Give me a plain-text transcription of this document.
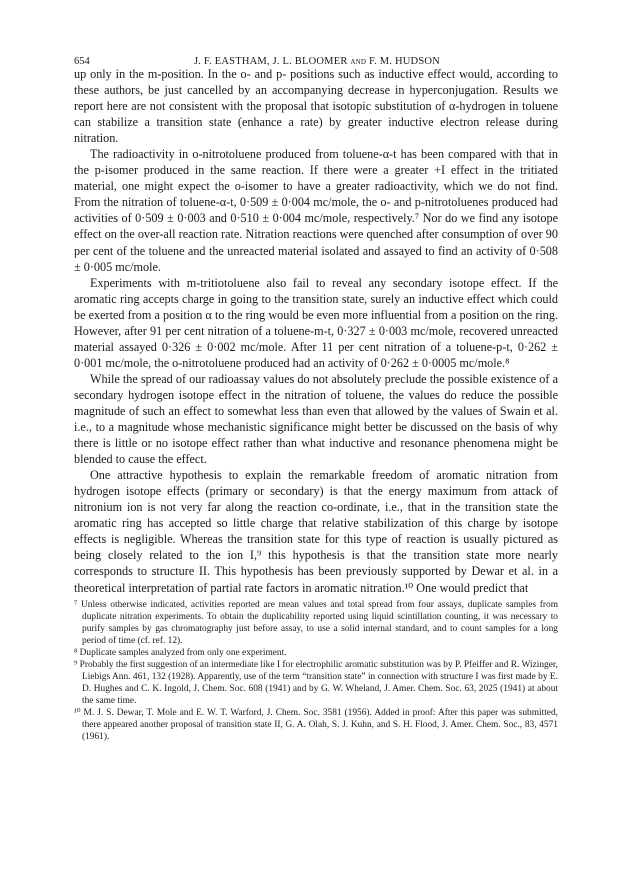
654	J. F. EASTHAM, J. L. BLOOMER and F. M. HUDSON

up only in the m-position. In the o- and p- positions such as inductive effect would, according to these authors, be just cancelled by an accompanying decrease in hyperconjugation. Results we report here are not consistent with the proposal that isotopic substitution of α-hydrogen in toluene can stabilize a transition state (enhance a rate) by greater inductive electron release during nitration.

The radioactivity in o-nitrotoluene produced from toluene-α-t has been compared with that in the p-isomer produced in the same reaction. If there were a greater +I effect in the tritiated material, one might expect the o-isomer to have a greater radioactivity, which we do not find. From the nitration of toluene-α-t, 0·509 ± 0·004 mc/mole, the o- and p-nitrotoluenes produced had activities of 0·509 ± 0·003 and 0·510 ± 0·004 mc/mole, respectively.⁷ Nor do we find any isotope effect on the over-all reaction rate. Nitration reactions were quenched after consumption of over 90 per cent of the toluene and the unreacted material isolated and assayed to find an activity of 0·508 ± 0·005 mc/mole.

Experiments with m-tritiotoluene also fail to reveal any secondary isotope effect. If the aromatic ring accepts charge in going to the transition state, surely an inductive effect which could be exerted from a position α to the ring would be even more influential from a position on the ring. However, after 91 per cent nitration of a toluene-m-t, 0·327 ± 0·003 mc/mole, recovered unreacted material assayed 0·326 ± 0·002 mc/mole. After 11 per cent nitration of a toluene-p-t, 0·262 ± 0·001 mc/mole, the o-nitrotoluene produced had an activity of 0·262 ± 0·0005 mc/mole.⁸

While the spread of our radioassay values do not absolutely preclude the possible existence of a secondary hydrogen isotope effect in the nitration of toluene, the values do reduce the possible magnitude of such an effect to somewhat less than even that allowed by the values of Swain et al. i.e., to a magnitude whose mechanistic significance might better be discussed on the basis of why there is little or no isotope effect rather than what inductive and resonance phenomena might be blended to cause the effect.

One attractive hypothesis to explain the remarkable freedom of aromatic nitration from hydrogen isotope effects (primary or secondary) is that the energy maximum from attack of nitronium ion is not very far along the reaction co-ordinate, i.e., that in the transition state the aromatic ring has accepted so little charge that relative stabilization of this charge by isotope effects is negligible. Whereas the transition state for this type of reaction is usually pictured as being closely related to the ion I,⁹ this hypothesis is that the transition state more nearly corresponds to structure II. This hypothesis has been previously supported by Dewar et al. in a theoretical interpretation of partial rate factors in aromatic nitration.¹⁰ One would predict that

⁷ Unless otherwise indicated, activities reported are mean values and total spread from four assays, duplicate samples from duplicate nitration experiments. To obtain the duplicability reported using liquid scintillation counting, it was necessary to purify samples by gas chromatography just before assay, to use a solid internal standard, and to count samples for a long period of time (cf. ref. 12).

⁸ Duplicate samples analyzed from only one experiment.

⁹ Probably the first suggestion of an intermediate like I for electrophilic aromatic substitution was by P. Pfeiffer and R. Wizinger, Liebigs Ann. 461, 132 (1928). Apparently, use of the term “transition state” in connection with structure I was first made by E. D. Hughes and C. K. Ingold, J. Chem. Soc. 608 (1941) and by G. W. Wheland, J. Amer. Chem. Soc. 63, 2025 (1941) at about the same time.

¹⁰ M. J. S. Dewar, T. Mole and E. W. T. Warford, J. Chem. Soc. 3581 (1956). Added in proof: After this paper was submitted, there appeared another proposal of transition state II, G. A. Olah, S. J. Kuhn, and S. H. Flood, J. Amer. Chem. Soc., 83, 4571 (1961).
